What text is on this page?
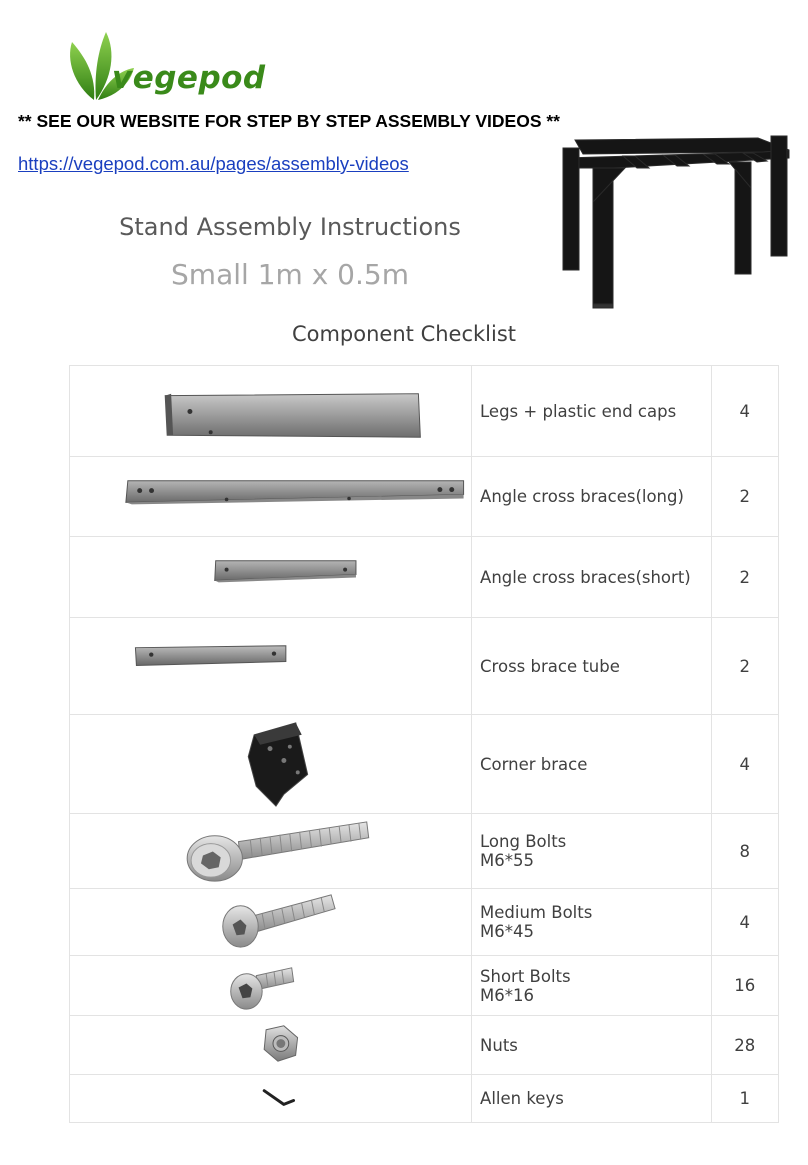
vegepod
** SEE OUR WEBSITE FOR STEP BY STEP ASSEMBLY VIDEOS **
https://vegepod.com.au/pages/assembly-videos
Stand Assembly Instructions
Small 1m x 0.5m
Component Checklist

Legs + plastic end caps	4

Angle cross braces(long)	2

Angle cross braces(short)	2

Cross brace tube	2

Corner brace	4

Long Bolts
M6*55	8

Medium Bolts
M6*45	4

Short Bolts
M6*16	16

Nuts	28

Allen keys	1
